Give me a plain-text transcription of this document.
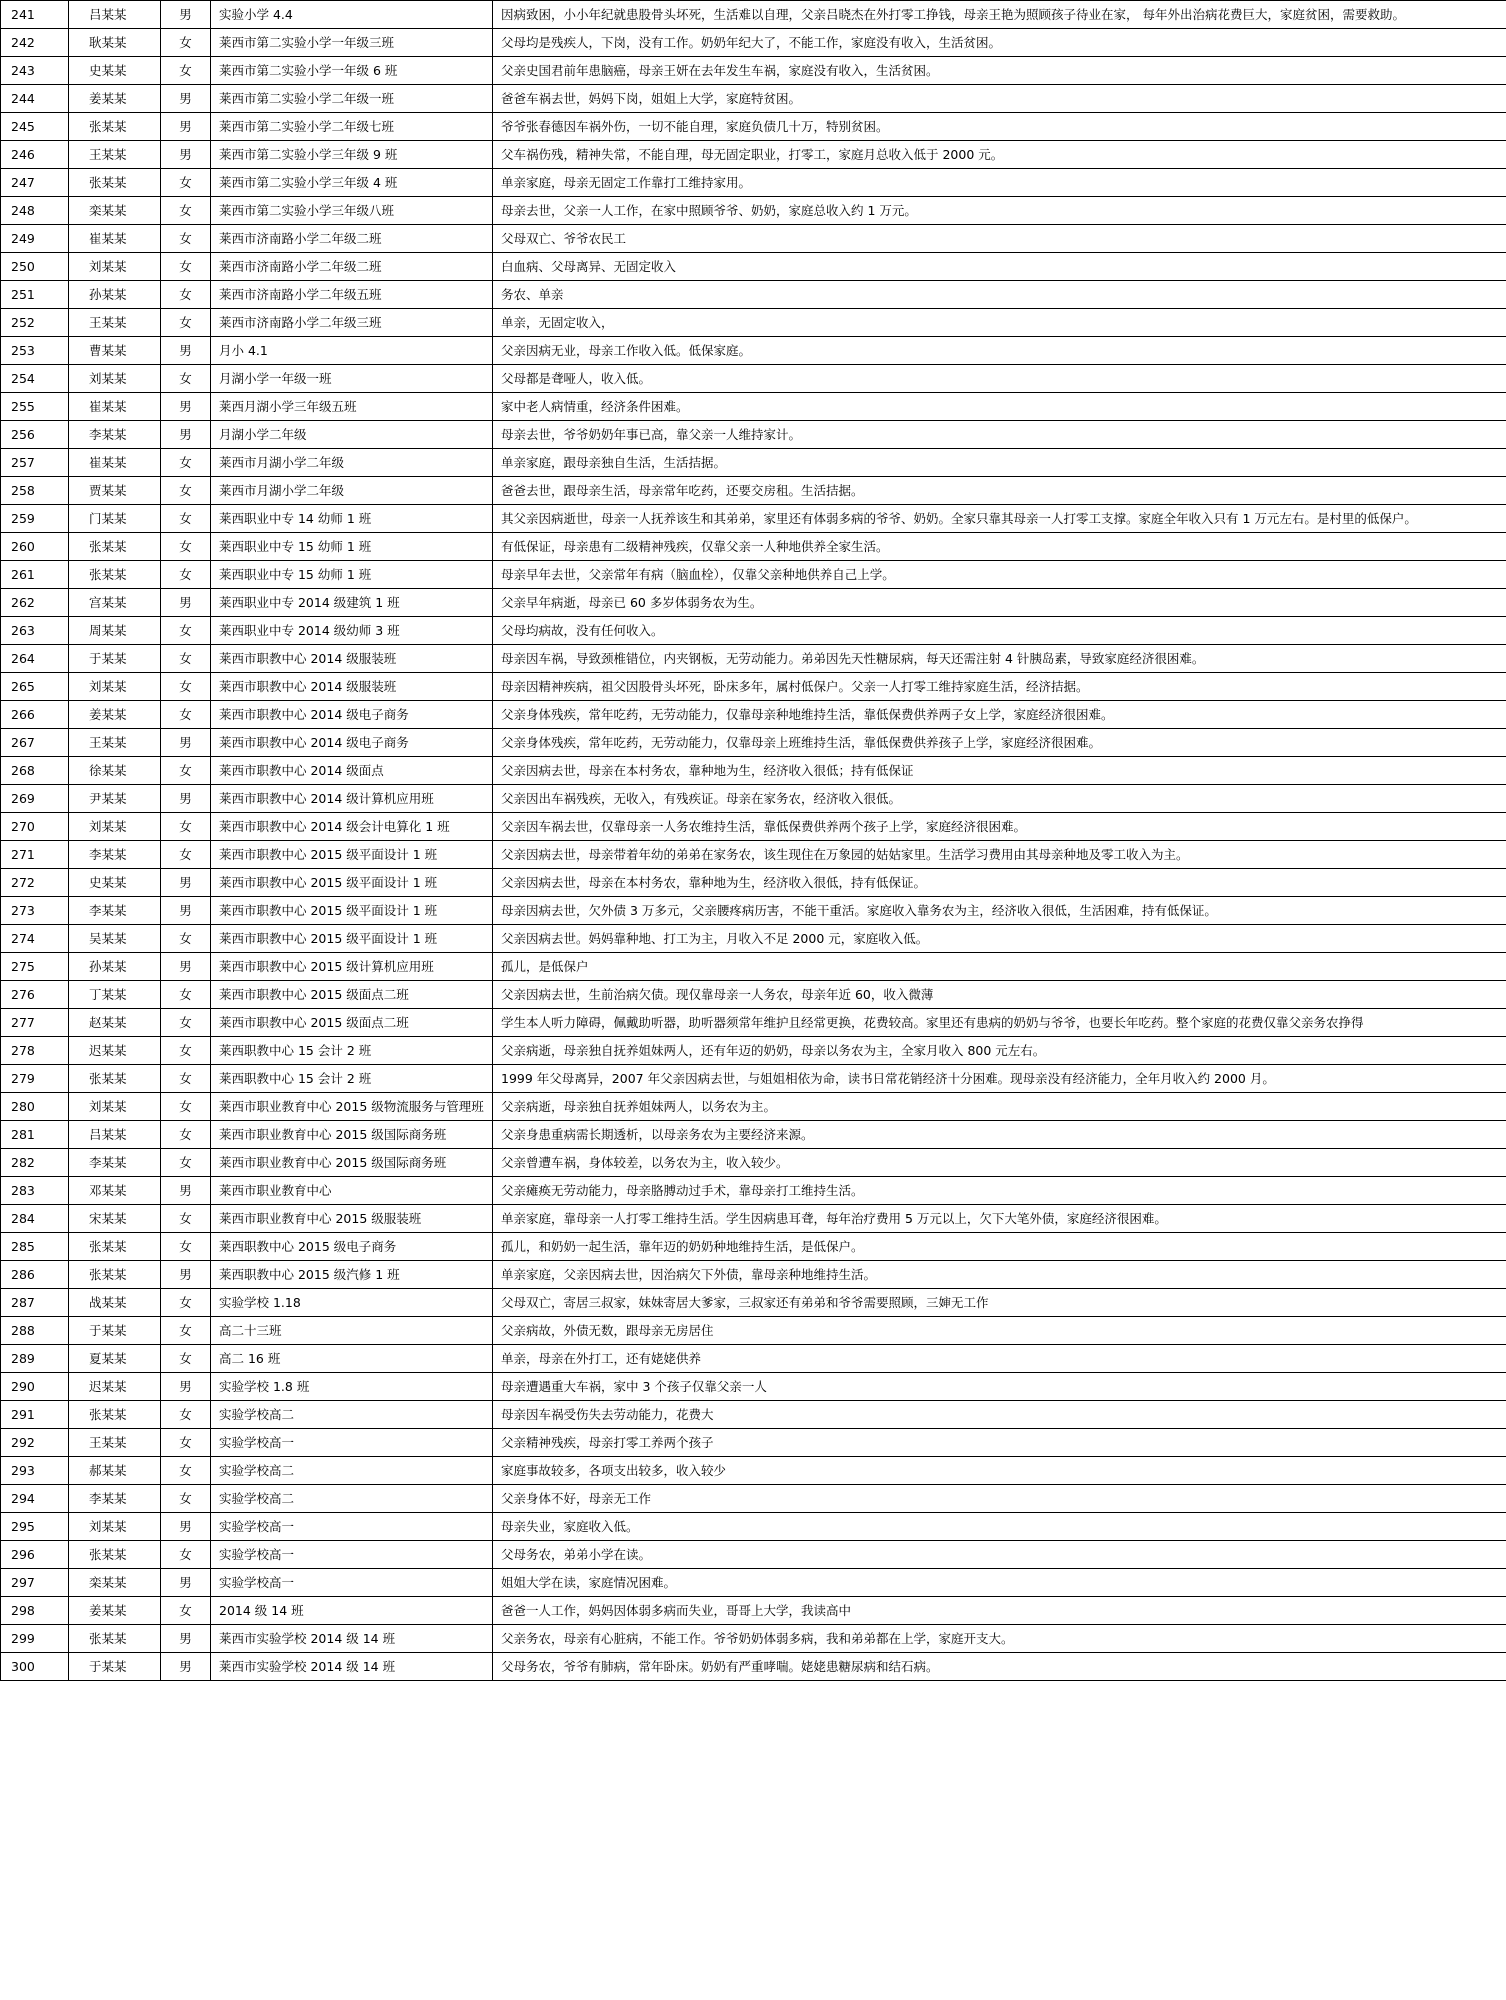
241	吕某某	男	实验小学 4.4	因病致困，小小年纪就患股骨头坏死，生活难以自理，父亲吕晓杰在外打零工挣钱，母亲王艳为照顾孩子待业在家， 每年外出治病花费巨大，家庭贫困，需要救助。
242	耿某某	女	莱西市第二实验小学一年级三班	父母均是残疾人，下岗，没有工作。奶奶年纪大了，不能工作，家庭没有收入，生活贫困。
243	史某某	女	莱西市第二实验小学一年级 6 班	父亲史国君前年患脑癌，母亲王妍在去年发生车祸，家庭没有收入，生活贫困。
244	姜某某	男	莱西市第二实验小学二年级一班	爸爸车祸去世，妈妈下岗，姐姐上大学，家庭特贫困。
245	张某某	男	莱西市第二实验小学二年级七班	爷爷张春德因车祸外伤，一切不能自理，家庭负债几十万，特别贫困。
246	王某某	男	莱西市第二实验小学三年级 9 班	父车祸伤残，精神失常，不能自理，母无固定职业，打零工，家庭月总收入低于 2000 元。
247	张某某	女	莱西市第二实验小学三年级 4 班	单亲家庭，母亲无固定工作靠打工维持家用。
248	栾某某	女	莱西市第二实验小学三年级八班	母亲去世，父亲一人工作，在家中照顾爷爷、奶奶，家庭总收入约 1 万元。
249	崔某某	女	莱西市济南路小学二年级二班	父母双亡、爷爷农民工
250	刘某某	女	莱西市济南路小学二年级二班	白血病、父母离异、无固定收入
251	孙某某	女	莱西市济南路小学二年级五班	务农、单亲
252	王某某	女	莱西市济南路小学二年级三班	单亲，无固定收入，
253	曹某某	男	月小 4.1	父亲因病无业，母亲工作收入低。低保家庭。
254	刘某某	女	月湖小学一年级一班	父母都是聋哑人，收入低。
255	崔某某	男	莱西月湖小学三年级五班	家中老人病情重，经济条件困难。
256	李某某	男	月湖小学二年级	母亲去世，爷爷奶奶年事已高，靠父亲一人维持家计。
257	崔某某	女	莱西市月湖小学二年级	单亲家庭，跟母亲独自生活，生活拮据。
258	贾某某	女	莱西市月湖小学二年级	爸爸去世，跟母亲生活，母亲常年吃药，还要交房租。生活拮据。
259	门某某	女	莱西职业中专 14 幼师 1 班	其父亲因病逝世，母亲一人抚养该生和其弟弟，家里还有体弱多病的爷爷、奶奶。全家只靠其母亲一人打零工支撑。家庭全年收入只有 1 万元左右。是村里的低保户。
260	张某某	女	莱西职业中专 15 幼师 1 班	有低保证，母亲患有二级精神残疾，仅靠父亲一人种地供养全家生活。
261	张某某	女	莱西职业中专 15 幼师 1 班	母亲早年去世，父亲常年有病（脑血栓），仅靠父亲种地供养自己上学。
262	宫某某	男	莱西职业中专 2014 级建筑 1 班	父亲早年病逝，母亲已 60 多岁体弱务农为生。
263	周某某	女	莱西职业中专 2014 级幼师 3 班	父母均病故，没有任何收入。
264	于某某	女	莱西市职教中心 2014 级服装班	母亲因车祸，导致颈椎错位，内夹钢板，无劳动能力。弟弟因先天性糖尿病，每天还需注射 4 针胰岛素，导致家庭经济很困难。
265	刘某某	女	莱西市职教中心 2014 级服装班	母亲因精神疾病，祖父因股骨头坏死，卧床多年，属村低保户。父亲一人打零工维持家庭生活，经济拮据。
266	姜某某	女	莱西市职教中心 2014 级电子商务	父亲身体残疾，常年吃药，无劳动能力，仅靠母亲种地维持生活，靠低保费供养两子女上学，家庭经济很困难。
267	王某某	男	莱西市职教中心 2014 级电子商务	父亲身体残疾，常年吃药，无劳动能力，仅靠母亲上班维持生活，靠低保费供养孩子上学，家庭经济很困难。
268	徐某某	女	莱西市职教中心 2014 级面点	父亲因病去世，母亲在本村务农，靠种地为生，经济收入很低；持有低保证
269	尹某某	男	莱西市职教中心 2014 级计算机应用班	父亲因出车祸残疾，无收入，有残疾证。母亲在家务农，经济收入很低。
270	刘某某	女	莱西市职教中心 2014 级会计电算化 1 班	父亲因车祸去世，仅靠母亲一人务农维持生活，靠低保费供养两个孩子上学，家庭经济很困难。
271	李某某	女	莱西市职教中心 2015 级平面设计 1 班	父亲因病去世，母亲带着年幼的弟弟在家务农，该生现住在万象园的姑姑家里。生活学习费用由其母亲种地及零工收入为主。
272	史某某	男	莱西市职教中心 2015 级平面设计 1 班	父亲因病去世，母亲在本村务农，靠种地为生，经济收入很低，持有低保证。
273	李某某	男	莱西市职教中心 2015 级平面设计 1 班	母亲因病去世，欠外债 3 万多元，父亲腰疼病历害，不能干重活。家庭收入靠务农为主，经济收入很低，生活困难，持有低保证。
274	吴某某	女	莱西市职教中心 2015 级平面设计 1 班	父亲因病去世。妈妈靠种地、打工为主，月收入不足 2000 元，家庭收入低。
275	孙某某	男	莱西市职教中心 2015 级计算机应用班	孤儿，是低保户
276	丁某某	女	莱西市职教中心 2015 级面点二班	父亲因病去世，生前治病欠债。现仅靠母亲一人务农，母亲年近 60，收入微薄
277	赵某某	女	莱西市职教中心 2015 级面点二班	学生本人听力障碍，佩戴助听器，助听器须常年维护且经常更换，花费较高。家里还有患病的奶奶与爷爷，也要长年吃药。整个家庭的花费仅靠父亲务农挣得
278	迟某某	女	莱西职教中心 15 会计 2 班	父亲病逝，母亲独自抚养姐妹两人，还有年迈的奶奶，母亲以务农为主，全家月收入 800 元左右。
279	张某某	女	莱西职教中心 15 会计 2 班	1999 年父母离异，2007 年父亲因病去世，与姐姐相依为命，读书日常花销经济十分困难。现母亲没有经济能力，全年月收入约 2000 月。
280	刘某某	女	莱西市职业教育中心 2015 级物流服务与管理班	父亲病逝，母亲独自抚养姐妹两人，以务农为主。
281	吕某某	女	莱西市职业教育中心 2015 级国际商务班	父亲身患重病需长期透析，以母亲务农为主要经济来源。
282	李某某	女	莱西市职业教育中心 2015 级国际商务班	父亲曾遭车祸，身体较差，以务农为主，收入较少。
283	邓某某	男	莱西市职业教育中心	父亲瘫痪无劳动能力，母亲胳膊动过手术，靠母亲打工维持生活。
284	宋某某	女	莱西市职业教育中心 2015 级服装班	单亲家庭，靠母亲一人打零工维持生活。学生因病患耳聋，每年治疗费用 5 万元以上，欠下大笔外债，家庭经济很困难。
285	张某某	女	莱西职教中心 2015 级电子商务	孤儿，和奶奶一起生活，靠年迈的奶奶种地维持生活，是低保户。
286	张某某	男	莱西职教中心 2015 级汽修 1 班	单亲家庭，父亲因病去世，因治病欠下外债，靠母亲种地维持生活。
287	战某某	女	实验学校 1.18	父母双亡，寄居三叔家，妹妹寄居大爹家，三叔家还有弟弟和爷爷需要照顾，三婶无工作
288	于某某	女	高二十三班	父亲病故，外债无数，跟母亲无房居住
289	夏某某	女	高二 16 班	单亲，母亲在外打工，还有姥姥供养
290	迟某某	男	实验学校 1.8 班	母亲遭遇重大车祸，家中 3 个孩子仅靠父亲一人
291	张某某	女	实验学校高二	母亲因车祸受伤失去劳动能力，花费大
292	王某某	女	实验学校高一	父亲精神残疾，母亲打零工养两个孩子
293	郝某某	女	实验学校高二	家庭事故较多，各项支出较多，收入较少
294	李某某	女	实验学校高二	父亲身体不好，母亲无工作
295	刘某某	男	实验学校高一	母亲失业，家庭收入低。
296	张某某	女	实验学校高一	父母务农，弟弟小学在读。
297	栾某某	男	实验学校高一	姐姐大学在读，家庭情况困难。
298	姜某某	女	2014 级 14 班	爸爸一人工作，妈妈因体弱多病而失业，哥哥上大学，我读高中
299	张某某	男	莱西市实验学校 2014 级 14 班	父亲务农，母亲有心脏病，不能工作。爷爷奶奶体弱多病，我和弟弟都在上学，家庭开支大。
300	于某某	男	莱西市实验学校 2014 级 14 班	父母务农，爷爷有肺病，常年卧床。奶奶有严重哮喘。姥姥患糖尿病和结石病。
